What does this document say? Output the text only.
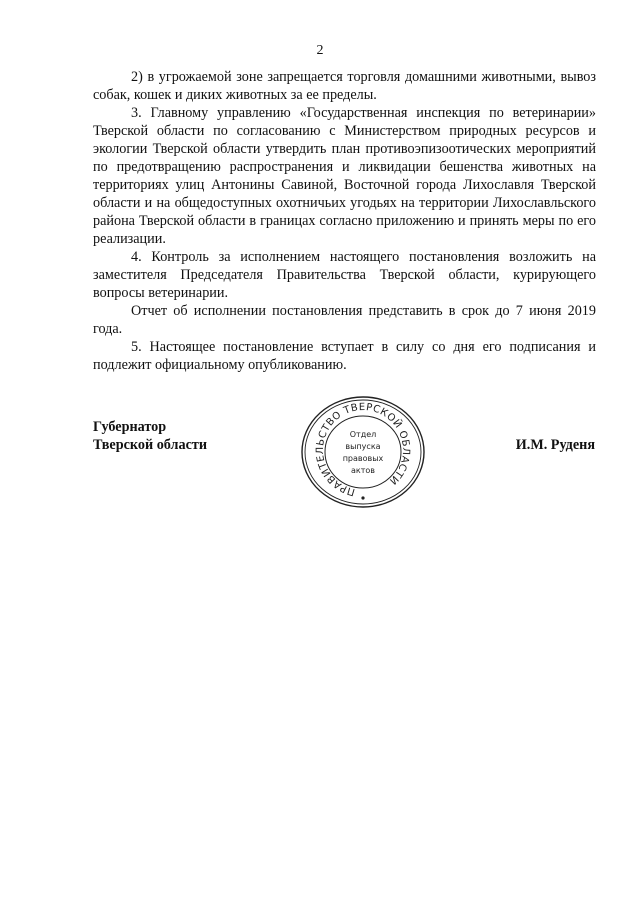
2

2) в угрожаемой зоне запрещается торговля домашними животными, вывоз собак, кошек и диких животных за ее пределы.

3. Главному управлению «Государственная инспекция по ветеринарии» Тверской области по согласованию с Министерством природных ресурсов и экологии Тверской области утвердить план противоэпизоотических мероприятий по предотвращению распространения и ликвидации бешенства животных на территориях улиц Антонины Савиной, Восточной города Лихославля Тверской области и на общедоступных охотничьих угодьях на территории Лихославльского района Тверской области в границах согласно приложению и принять меры по его реализации.

4. Контроль за исполнением настоящего постановления возложить на заместителя Председателя Правительства Тверской области, курирующего вопросы ветеринарии.

Отчет об исполнении постановления представить в срок до 7 июня 2019 года.

5. Настоящее постановление вступает в силу со дня его подписания и подлежит официальному опубликованию.

Губернатор
Тверской области	И.М. Руденя
ПРАВИТЕЛЬСТВО ТВЕРСКОЙ ОБЛАСТИ
Отдел
выпуска
правовых
актов
